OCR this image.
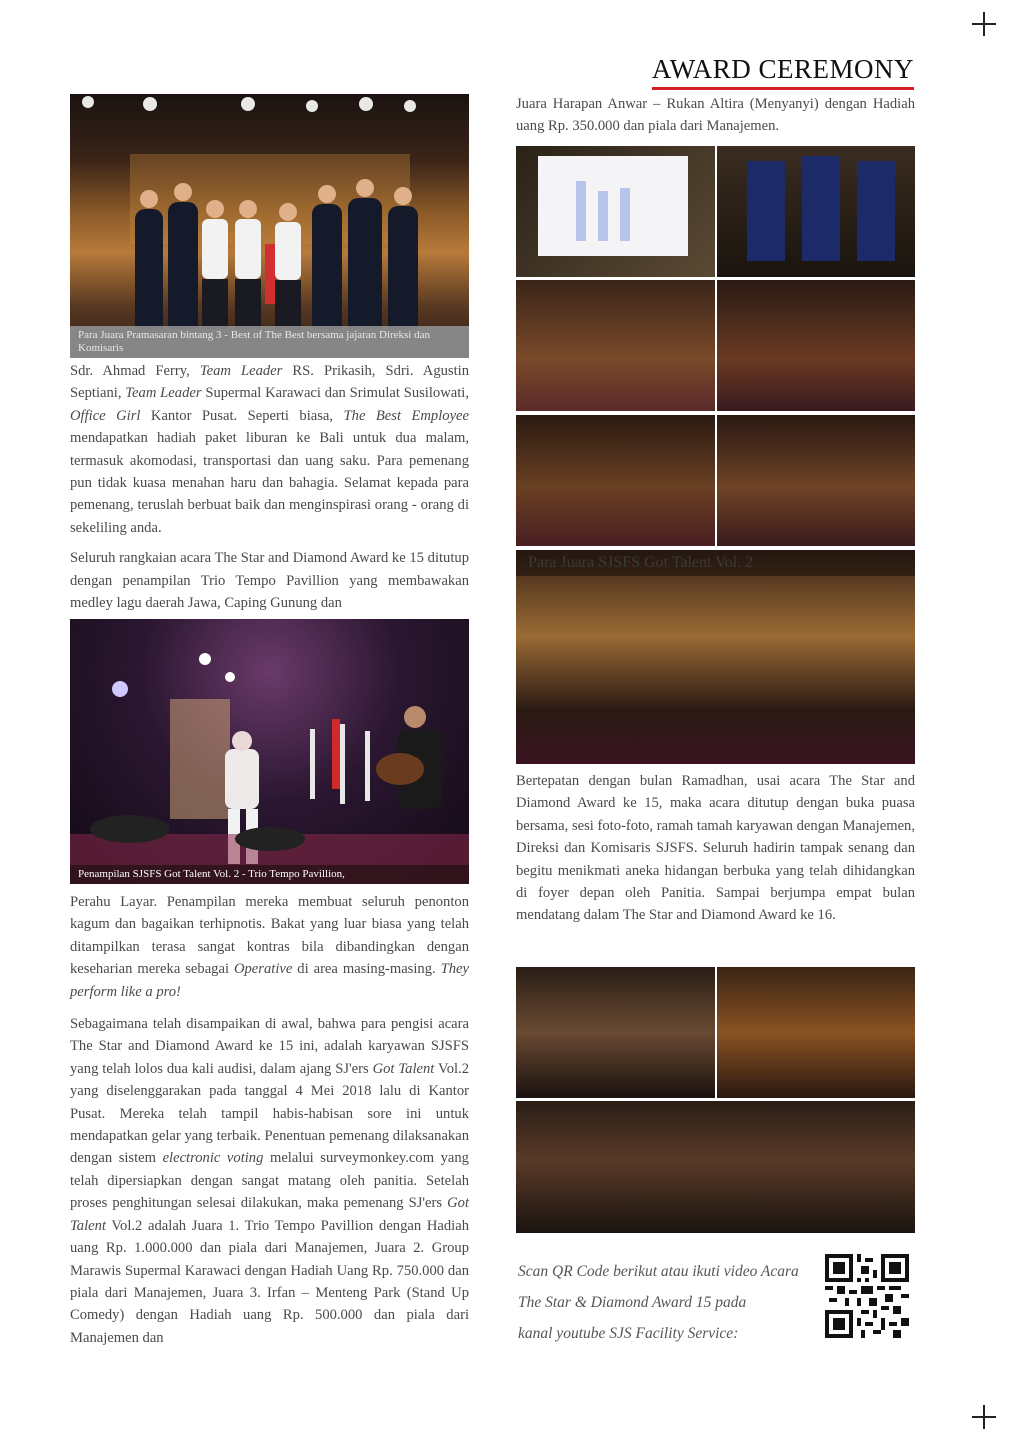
AWARD CEREMONY
Para Juara Pramasaran bintang 3 - Best of The Best bersama jajaran Direksi dan Komisaris

Sdr. Ahmad Ferry, Team Leader RS. Prikasih, Sdri. Agustin Septiani, Team Leader Supermal Karawaci dan Srimulat Susilowati, Office Girl Kantor Pusat. Seperti biasa, The Best Employee mendapatkan hadiah paket liburan ke Bali untuk dua malam, termasuk akomodasi, transportasi dan uang saku. Para pemenang pun tidak kuasa menahan haru dan bahagia. Selamat kepada para pemenang, teruslah berbuat baik dan menginspirasi orang - orang di sekeliling anda.

Seluruh rangkaian acara The Star and Diamond Award ke 15 ditutup dengan penampilan Trio Tempo Pavillion yang membawakan medley lagu daerah Jawa, Caping Gunung dan

Penampilan SJSFS Got Talent Vol. 2 - Trio Tempo Pavillion,

Perahu Layar. Penampilan mereka membuat seluruh penonton kagum dan bagaikan terhipnotis. Bakat yang luar biasa yang telah ditampilkan terasa sangat kontras bila dibandingkan dengan keseharian mereka sebagai Operative di area masing-masing. They perform like a pro!

Sebagaimana telah disampaikan di awal, bahwa para pengisi acara The Star and Diamond Award ke 15 ini, adalah karyawan SJSFS yang telah lolos dua kali audisi, dalam ajang SJ'ers Got Talent Vol.2 yang diselenggarakan pada tanggal 4 Mei 2018 lalu di Kantor Pusat. Mereka telah tampil habis-habisan sore ini untuk mendapatkan gelar yang terbaik. Penentuan pemenang dilaksanakan dengan sistem electronic voting melalui surveymonkey.com yang telah dipersiapkan dengan sangat matang oleh panitia. Setelah proses penghitungan selesai dilakukan, maka pemenang SJ'ers Got Talent Vol.2 adalah Juara 1. Trio Tempo Pavillion dengan Hadiah uang Rp. 1.000.000 dan piala dari Manajemen, Juara 2. Group Marawis Supermal Karawaci dengan Hadiah Uang Rp. 750.000 dan piala dari Manajemen, Juara 3. Irfan – Menteng Park (Stand Up Comedy) dengan Hadiah uang Rp. 500.000 dan piala dari Manajemen dan

Juara Harapan Anwar – Rukan Altira (Menyanyi) dengan Hadiah uang Rp. 350.000 dan piala dari Manajemen.

Para Juara SJSFS Got Talent Vol. 2

Bertepatan dengan bulan Ramadhan, usai acara The Star and Diamond Award ke 15, maka acara ditutup dengan buka puasa bersama, sesi foto-foto, ramah tamah karyawan dengan Manajemen, Direksi dan Komisaris SJSFS. Seluruh hadirin tampak senang dan begitu menikmati aneka hidangan berbuka yang telah dihidangkan di foyer depan oleh Panitia. Sampai berjumpa empat bulan mendatang dalam The Star and Diamond Award ke 16.

Scan QR Code berikut atau ikuti video Acara
The Star & Diamond Award 15 pada
kanal youtube SJS Facility Service:
